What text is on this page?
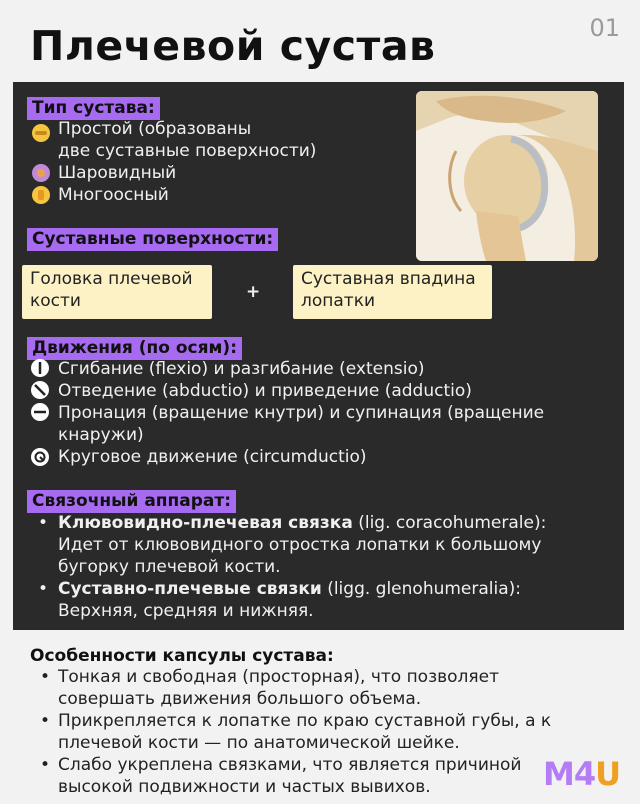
01
Плечевой сустав
Тип сустава:
Простой (образованы
две суставные поверхности)
Шаровидный
Многоосный
Суставные поверхности:
Головка плечевой
кости	+
Суставная впадина
лопатки
Движения (по осям):
Сгибание (flexio) и разгибание (extensio)
Отведение (abductio) и приведение (adductio)
Пронация (вращение кнутри) и супинация (вращение
кнаружи)
Круговое движение (circumductio)
Связочный аппарат:
• Клювовидно-плечевая связка (lig. coracohumerale):
Идет от клювовидного отростка лопатки к большому
бугорку плечевой кости.
• Суставно-плечевые связки (ligg. glenohumeralia):
Верхняя, средняя и нижняя.
Особенности капсулы сустава:
• Тонкая и свободная (просторная), что позволяет
совершать движения большого объема.
• Прикрепляется к лопатке по краю суставной губы, а к
плечевой кости — по анатомической шейке.
• Слабо укреплена связками, что является причиной
высокой подвижности и частых вывихов.	M4U
